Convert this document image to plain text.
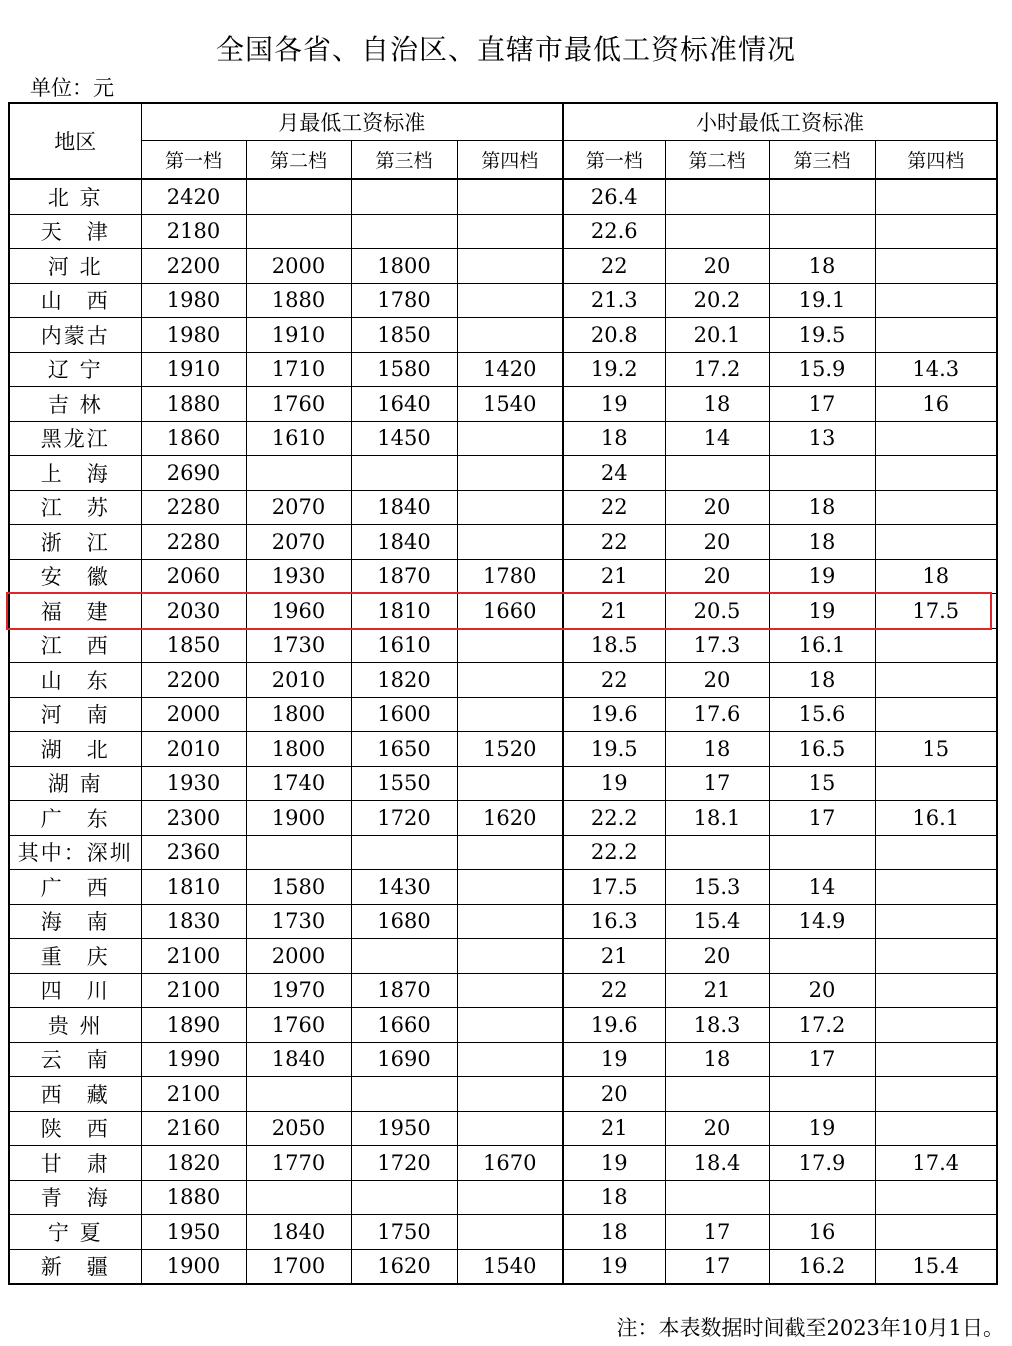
全国各省、自治区、直辖市最低工资标准情况
单位：元
地区	月最低工资标准				小时最低工资标准			
	第一档	第二档	第三档	第四档	第一档	第二档	第三档	第四档
北 京	2420				26.4			
天　津	2180				22.6			
河 北	2200	2000	1800		22	20	18	
山　西	1980	1880	1780		21.3	20.2	19.1	
内蒙古	1980	1910	1850		20.8	20.1	19.5	
辽 宁	1910	1710	1580	1420	19.2	17.2	15.9	14.3
吉 林	1880	1760	1640	1540	19	18	17	16
黑龙江	1860	1610	1450		18	14	13	
上　海	2690				24			
江　苏	2280	2070	1840		22	20	18	
浙　江	2280	2070	1840		22	20	18	
安　徽	2060	1930	1870	1780	21	20	19	18
福　建	2030	1960	1810	1660	21	20.5	19	17.5
江　西	1850	1730	1610		18.5	17.3	16.1	
山　东	2200	2010	1820		22	20	18	
河　南	2000	1800	1600		19.6	17.6	15.6	
湖　北	2010	1800	1650	1520	19.5	18	16.5	15
湖 南	1930	1740	1550		19	17	15	
广　东	2300	1900	1720	1620	22.2	18.1	17	16.1
其中：深圳	2360				22.2			
广　西	1810	1580	1430		17.5	15.3	14	
海　南	1830	1730	1680		16.3	15.4	14.9	
重　庆	2100	2000			21	20		
四　川	2100	1970	1870		22	21	20	
贵 州	1890	1760	1660		19.6	18.3	17.2	
云　南	1990	1840	1690		19	18	17	
西　藏	2100				20			
陕　西	2160	2050	1950		21	20	19	
甘　肃	1820	1770	1720	1670	19	18.4	17.9	17.4
青　海	1880				18			
宁 夏	1950	1840	1750		18	17	16	
新　疆	1900	1700	1620	1540	19	17	16.2	15.4
注：本表数据时间截至2023年10月1日。
